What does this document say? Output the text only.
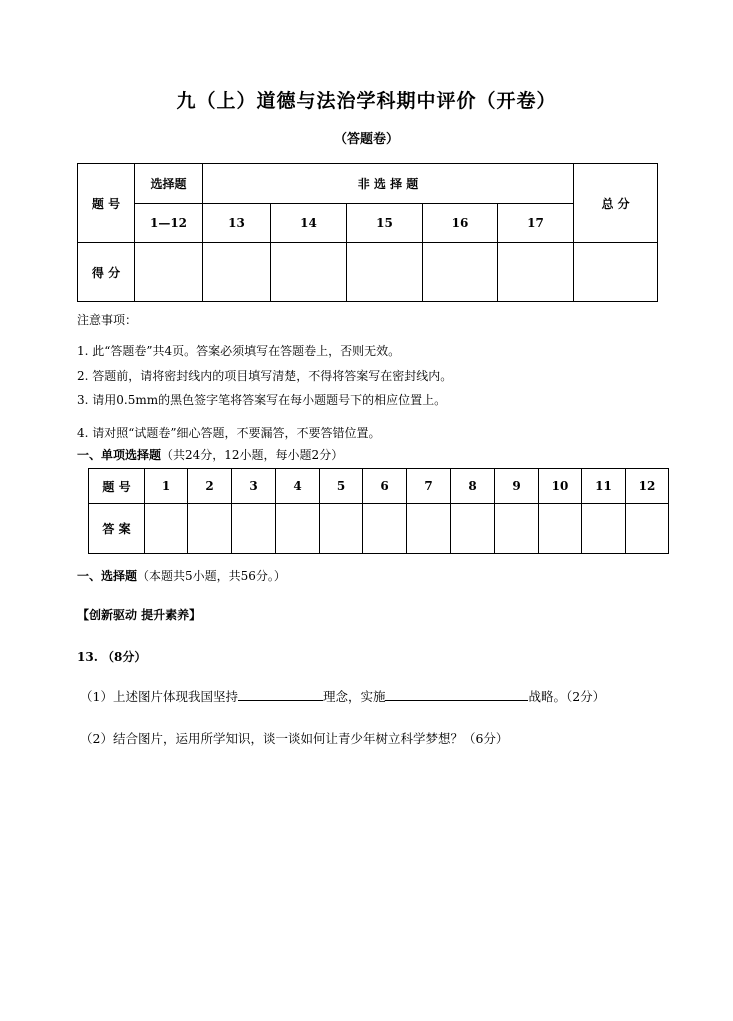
九（上）道德与法治学科期中评价（开卷）
（答题卷）
题 号	选择题	非 选 择 题					总 分
	1—12	13	14	15	16	17	
得 分							
注意事项：
1. 此“答题卷”共4页。答案必须填写在答题卷上，否则无效。
2. 答题前，请将密封线内的项目填写清楚，不得将答案写在密封线内。
3. 请用0.5mm的黑色签字笔将答案写在每小题题号下的相应位置上。
4. 请对照“试题卷”细心答题，不要漏答，不要答错位置。
一、单项选择题（共24分，12小题，每小题2分）
题 号	1	2	3	4	5	6	7	8	9	10	11	12
答 案												
一、选择题（本题共5小题，共56分。）
【创新驱动 提升素养】
13. （8分）
（1）上述图片体现我国坚持	理念，实施	战略。（2分）
（2）结合图片，运用所学知识，谈一谈如何让青少年树立科学梦想？（6分）
